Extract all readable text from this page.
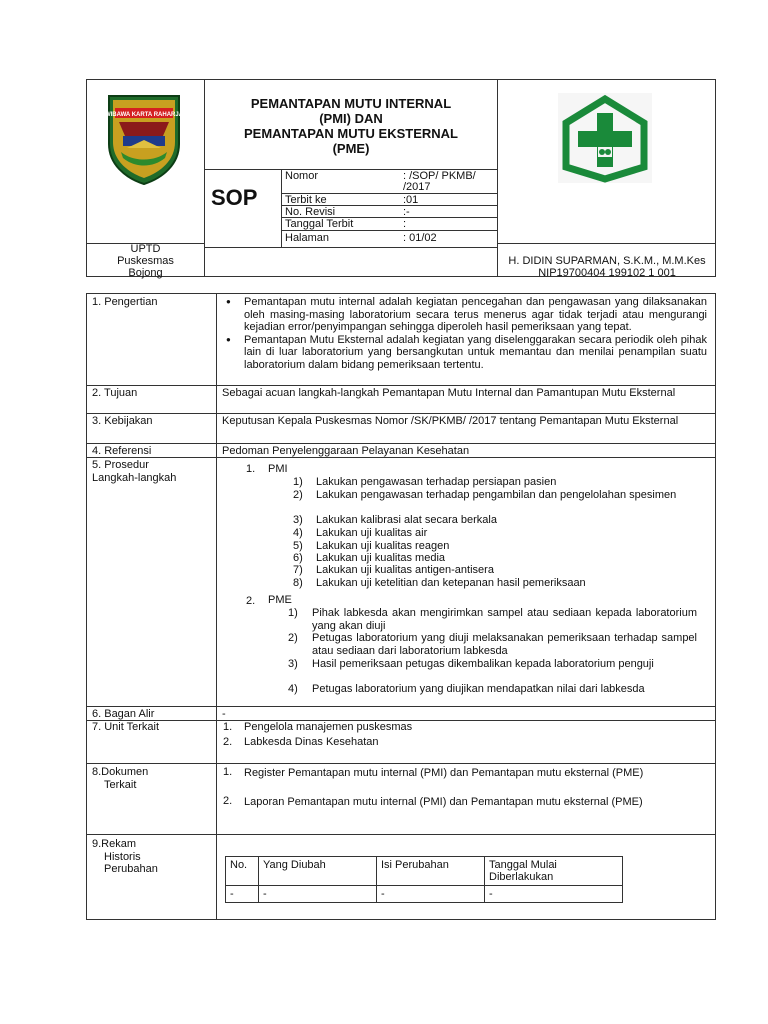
WIBAWA KARTA RAHARJA
PEMANTAPAN MUTU INTERNAL
(PMI) DAN
PEMANTAPAN MUTU EKSTERNAL
(PME)
SOP
Nomor	: /SOP/ PKMB/
/2017
Terbit ke	:01
No. Revisi	:-
Tanggal Terbit	:
Halaman	: 01/02
UPTD
Puskesmas
Bojong
H. DIDIN SUPARMAN, S.K.M., M.M.Kes
NIP19700404 199102 1 001
1. Pengertian	● Pemantapan mutu internal adalah kegiatan pencegahan dan pengawasan yang dilaksanakan oleh masing-masing laboratorium secara terus menerus agar tidak terjadi atau mengurangi kejadian error/penyimpangan sehingga diperoleh hasil pemeriksaan yang tepat.
● Pemantapan Mutu Eksternal adalah kegiatan yang diselenggarakan secara periodik oleh pihak lain di luar laboratorium yang bersangkutan untuk memantau dan menilai penampilan suatu laboratorium dalam bidang pemeriksaan tertentu.
2. Tujuan	Sebagai acuan langkah-langkah Pemantapan Mutu Internal dan Pamantupan Mutu Eksternal
3. Kebijakan	Keputusan Kepala Puskesmas Nomor /SK/PKMB/ /2017 tentang Pemantapan Mutu Eksternal
4. Referensi	Pedoman Penyelenggaraan Pelayanan Kesehatan
5. Prosedur
Langkah-langkah
1. PMI
1) Lakukan pengawasan terhadap persiapan pasien
2) Lakukan pengawasan terhadap pengambilan dan pengelolahan spesimen
3) Lakukan kalibrasi alat secara berkala
4) Lakukan uji kualitas air
5) Lakukan uji kualitas reagen
6) Lakukan uji kualitas media
7) Lakukan uji kualitas antigen-antisera
8) Lakukan uji ketelitian dan ketepanan hasil pemeriksaan
2. PME
1) Pihak labkesda akan mengirimkan sampel atau sediaan kepada laboratorium yang akan diuji
2) Petugas laboratorium yang diuji melaksanakan pemeriksaan terhadap sampel atau sediaan dari laboratorium labkesda
3) Hasil pemeriksaan petugas dikembalikan kepada laboratorium penguji
4) Petugas laboratorium yang diujikan mendapatkan nilai dari labkesda
6. Bagan Alir	-
7. Unit Terkait	1. Pengelola manajemen puskesmas
2. Labkesda Dinas Kesehatan
8.Dokumen
Terkait
1. Register Pemantapan mutu internal (PMI) dan Pemantapan mutu eksternal (PME)
2. Laporan Pemantapan mutu internal (PMI) dan Pemantapan mutu eksternal (PME)
9.Rekam
Historis
Perubahan	No.	Yang Diubah	Isi Perubahan	Tanggal Mulai Diberlakukan
-	-	-	-
